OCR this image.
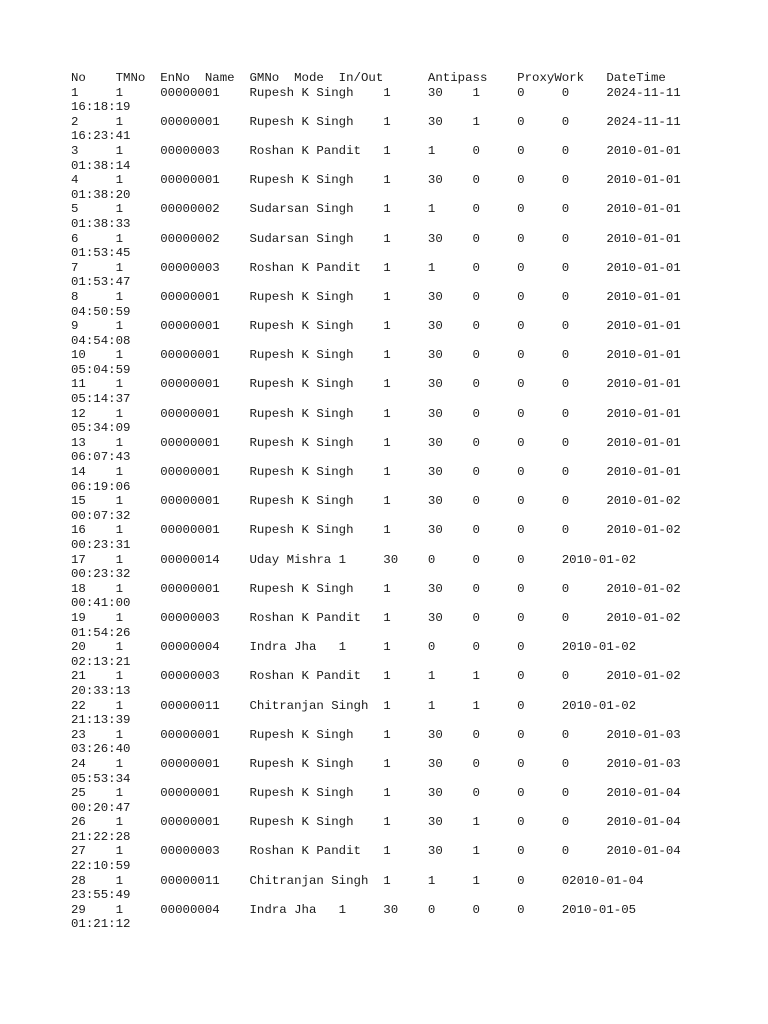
No    TMNo  EnNo  Name  GMNo  Mode  In/Out      Antipass    ProxyWork   DateTime
1     1     00000001    Rupesh K Singh    1     30    1     0     0     2024-11-11
16:18:19
2     1     00000001    Rupesh K Singh    1     30    1     0     0     2024-11-11
16:23:41
3     1     00000003    Roshan K Pandit   1     1     0     0     0     2010-01-01
01:38:14
4     1     00000001    Rupesh K Singh    1     30    0     0     0     2010-01-01
01:38:20
5     1     00000002    Sudarsan Singh    1     1     0     0     0     2010-01-01
01:38:33
6     1     00000002    Sudarsan Singh    1     30    0     0     0     2010-01-01
01:53:45
7     1     00000003    Roshan K Pandit   1     1     0     0     0     2010-01-01
01:53:47
8     1     00000001    Rupesh K Singh    1     30    0     0     0     2010-01-01
04:50:59
9     1     00000001    Rupesh K Singh    1     30    0     0     0     2010-01-01
04:54:08
10    1     00000001    Rupesh K Singh    1     30    0     0     0     2010-01-01
05:04:59
11    1     00000001    Rupesh K Singh    1     30    0     0     0     2010-01-01
05:14:37
12    1     00000001    Rupesh K Singh    1     30    0     0     0     2010-01-01
05:34:09
13    1     00000001    Rupesh K Singh    1     30    0     0     0     2010-01-01
06:07:43
14    1     00000001    Rupesh K Singh    1     30    0     0     0     2010-01-01
06:19:06
15    1     00000001    Rupesh K Singh    1     30    0     0     0     2010-01-02
00:07:32
16    1     00000001    Rupesh K Singh    1     30    0     0     0     2010-01-02
00:23:31
17    1     00000014    Uday Mishra 1     30    0     0     0     2010-01-02
00:23:32
18    1     00000001    Rupesh K Singh    1     30    0     0     0     2010-01-02
00:41:00
19    1     00000003    Roshan K Pandit   1     30    0     0     0     2010-01-02
01:54:26
20    1     00000004    Indra Jha   1     1     0     0     0     2010-01-02
02:13:21
21    1     00000003    Roshan K Pandit   1     1     1     0     0     2010-01-02
20:33:13
22    1     00000011    Chitranjan Singh  1     1     1     0     2010-01-02
21:13:39
23    1     00000001    Rupesh K Singh    1     30    0     0     0     2010-01-03
03:26:40
24    1     00000001    Rupesh K Singh    1     30    0     0     0     2010-01-03
05:53:34
25    1     00000001    Rupesh K Singh    1     30    0     0     0     2010-01-04
00:20:47
26    1     00000001    Rupesh K Singh    1     30    1     0     0     2010-01-04
21:22:28
27    1     00000003    Roshan K Pandit   1     30    1     0     0     2010-01-04
22:10:59
28    1     00000011    Chitranjan Singh  1     1     1     0     02010-01-04
23:55:49
29    1     00000004    Indra Jha   1     30    0     0     0     2010-01-05
01:21:12
